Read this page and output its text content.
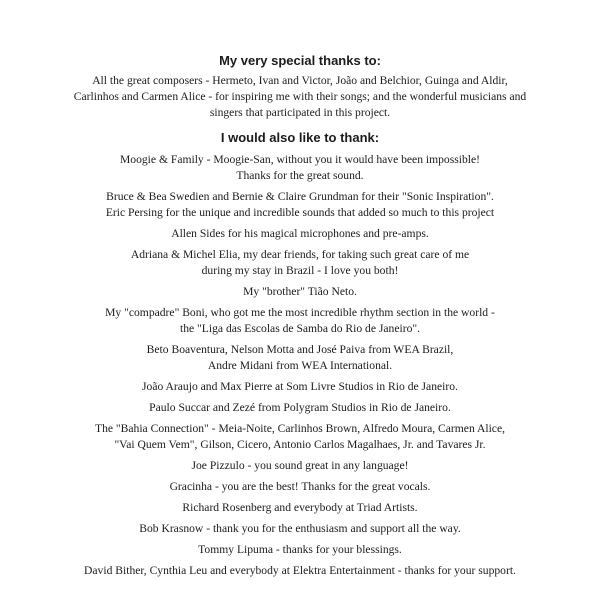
My very special thanks to:
All the great composers - Hermeto, Ivan and Victor, João and Belchior, Guinga and Aldir,
Carlinhos and Carmen Alice - for inspiring me with their songs; and the wonderful musicians and
singers that participated in this project.
I would also like to thank:
Moogie & Family - Moogie-San, without you it would have been impossible!
Thanks for the great sound.
Bruce & Bea Swedien and Bernie & Claire Grundman for their "Sonic Inspiration".
Eric Persing for the unique and incredible sounds that added so much to this project
Allen Sides for his magical microphones and pre-amps.
Adriana & Michel Elia, my dear friends, for taking such great care of me
during my stay in Brazil - I love you both!
My "brother" Tião Neto.
My "compadre" Boni, who got me the most incredible rhythm section in the world -
the "Liga das Escolas de Samba do Rio de Janeiro".
Beto Boaventura, Nelson Motta and José Paiva from WEA Brazil,
Andre Midani from WEA International.
João Araujo and Max Pierre at Som Livre Studios in Rio de Janeiro.
Paulo Succar and Zezé from Polygram Studios in Rio de Janeiro.
The "Bahia Connection" - Meia-Noite, Carlinhos Brown, Alfredo Moura, Carmen Alice,
"Vai Quem Vem", Gilson, Cicero, Antonio Carlos Magalhaes, Jr. and Tavares Jr.
Joe Pizzulo - you sound great in any language!
Gracinha - you are the best! Thanks for the great vocals.
Richard Rosenberg and everybody at Triad Artists.
Bob Krasnow - thank you for the enthusiasm and support all the way.
Tommy Lipuma - thanks for your blessings.
David Bither, Cynthia Leu and everybody at Elektra Entertainment - thanks for your support.
